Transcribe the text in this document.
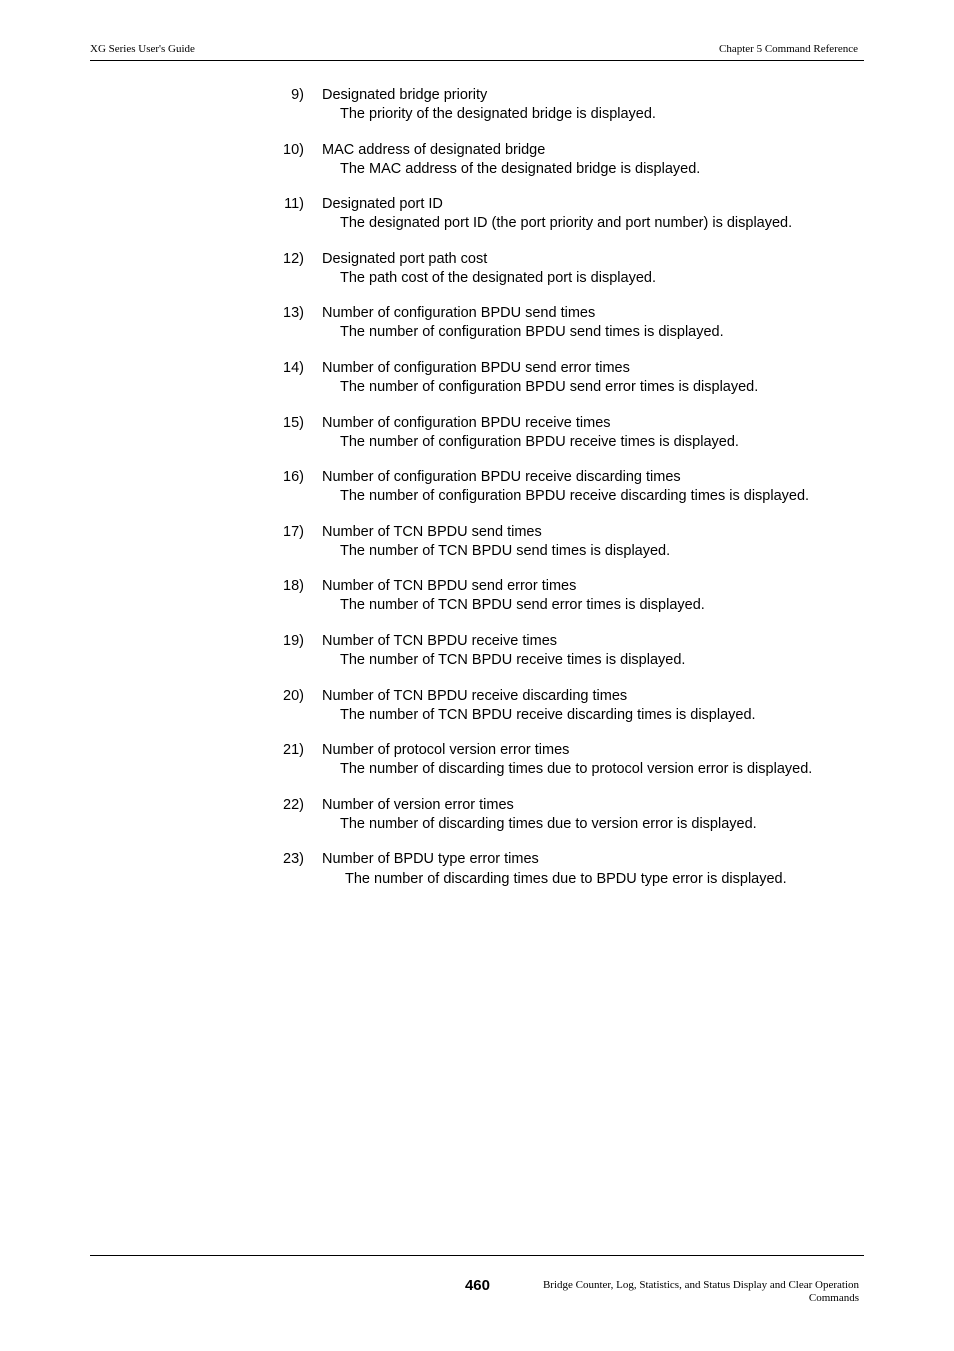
XG Series User's Guide	Chapter 5 Command Reference
9) Designated bridge priority
The priority of the designated bridge is displayed.
10) MAC address of designated bridge
The MAC address of the designated bridge is displayed.
11) Designated port ID
The designated port ID (the port priority and port number) is displayed.
12) Designated port path cost
The path cost of the designated port is displayed.
13) Number of configuration BPDU send times
The number of configuration BPDU send times is displayed.
14) Number of configuration BPDU send error times
The number of configuration BPDU send error times is displayed.
15) Number of configuration BPDU receive times
The number of configuration BPDU receive times is displayed.
16) Number of configuration BPDU receive discarding times
The number of configuration BPDU receive discarding times is displayed.
17) Number of TCN BPDU send times
The number of TCN BPDU send times is displayed.
18) Number of TCN BPDU send error times
The number of TCN BPDU send error times is displayed.
19) Number of TCN BPDU receive times
The number of TCN BPDU receive times is displayed.
20) Number of TCN BPDU receive discarding times
The number of TCN BPDU receive discarding times is displayed.
21) Number of protocol version error times
The number of discarding times due to protocol version error is displayed.
22) Number of version error times
The number of discarding times due to version error is displayed.
23) Number of BPDU type error times
The number of discarding times due to BPDU type error is displayed.
460	Bridge Counter, Log, Statistics, and Status Display and Clear Operation
Commands
